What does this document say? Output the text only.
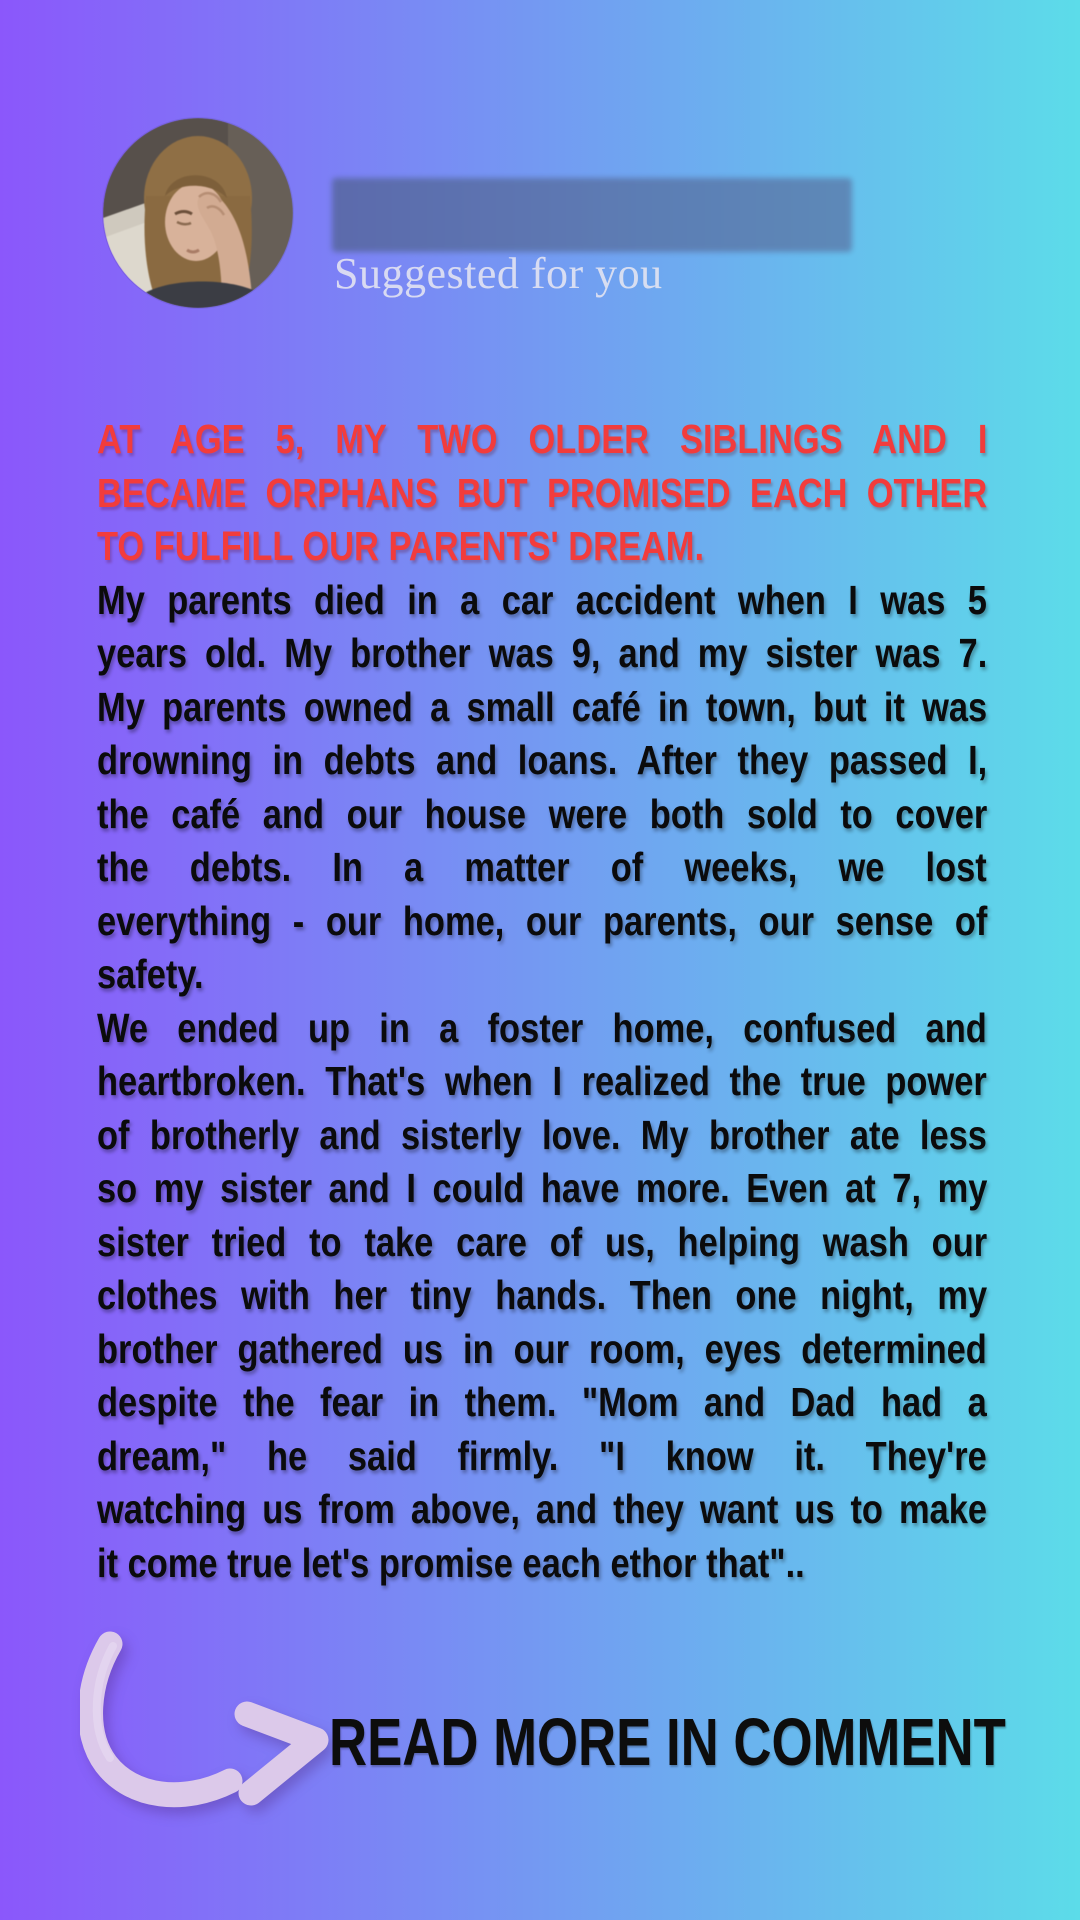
Suggested for you
AT AGE 5, MY TWO OLDER SIBLINGS AND I
BECAME ORPHANS BUT PROMISED EACH OTHER
TO FULFILL OUR PARENTS' DREAM.
My parents died in a car accident when I was 5
years old. My brother was 9, and my sister was 7.
My parents owned a small café in town, but it was
drowning in debts and loans. After they passed I,
the café and our house were both sold to cover
the debts. In a matter of weeks, we lost
everything - our home, our parents, our sense of
safety.
We ended up in a foster home, confused and
heartbroken. That's when I realized the true power
of brotherly and sisterly love. My brother ate less
so my sister and I could have more. Even at 7, my
sister tried to take care of us, helping wash our
clothes with her tiny hands. Then one night, my
brother gathered us in our room, eyes determined
despite the fear in them. "Mom and Dad had a
dream," he said firmly. "I know it. They're
watching us from above, and they want us to make
it come true let's promise each ethor that"..
READ MORE IN COMMENT
